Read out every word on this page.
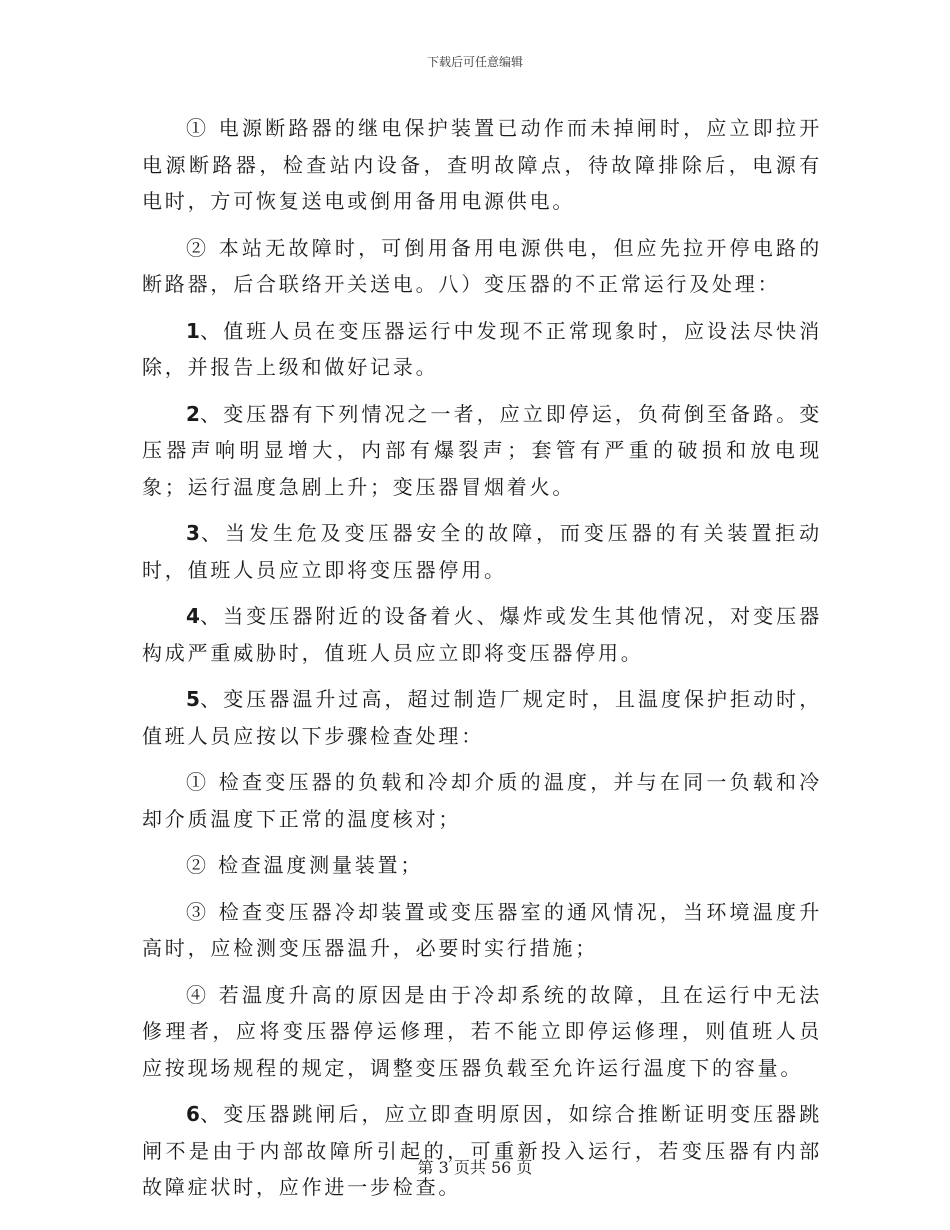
下载后可任意编辑

① 电源断路器的继电保护装置已动作而未掉闸时，应立即拉开电源断路器，检查站内设备，查明故障点，待故障排除后，电源有电时，方可恢复送电或倒用备用电源供电。

② 本站无故障时，可倒用备用电源供电，但应先拉开停电路的断路器，后合联络开关送电。八）变压器的不正常运行及处理：

1、值班人员在变压器运行中发现不正常现象时，应设法尽快消除，并报告上级和做好记录。

2、变压器有下列情况之一者，应立即停运，负荷倒至备路。变压器声响明显增大，内部有爆裂声；套管有严重的破损和放电现象；运行温度急剧上升；变压器冒烟着火。

3、当发生危及变压器安全的故障，而变压器的有关装置拒动时，值班人员应立即将变压器停用。

4、当变压器附近的设备着火、爆炸或发生其他情况，对变压器构成严重威胁时，值班人员应立即将变压器停用。

5、变压器温升过高，超过制造厂规定时，且温度保护拒动时，值班人员应按以下步骤检查处理：

① 检查变压器的负载和冷却介质的温度，并与在同一负载和冷却介质温度下正常的温度核对；

② 检查温度测量装置；

③ 检查变压器冷却装置或变压器室的通风情况，当环境温度升高时，应检测变压器温升，必要时实行措施；

④ 若温度升高的原因是由于冷却系统的故障，且在运行中无法修理者，应将变压器停运修理，若不能立即停运修理，则值班人员应按现场规程的规定，调整变压器负载至允许运行温度下的容量。

6、变压器跳闸后，应立即查明原因，如综合推断证明变压器跳闸不是由于内部故障所引起的，可重新投入运行，若变压器有内部故障症状时，应作进一步检查。

第 3 页共 56 页
